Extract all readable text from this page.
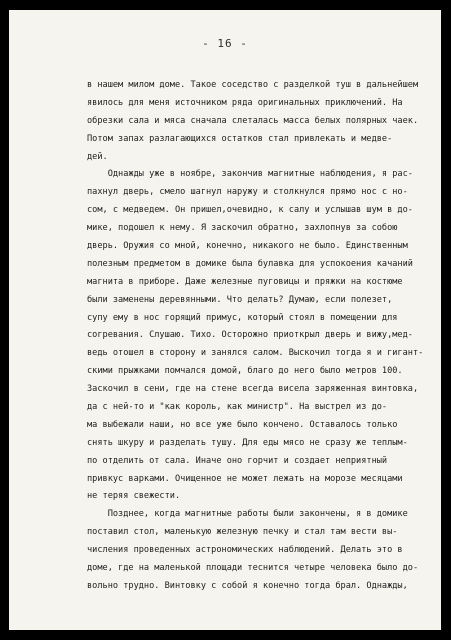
- 16 -
в нашем милом доме. Такое соседство с разделкой туш в дальнейшем
явилось для меня источником ряда оригинальных приключений. На
обрезки сала и мяса сначала слеталась масса белых полярных чаек.
Потом запах разлагающихся остатков стал привлекать и медве-
дей.
Однажды уже в ноябре, закончив магнитные наблюдения, я рас-
пахнул дверь, смело шагнул наружу и столкнулся прямо нос с но-
сом, с медведем. Он пришел,очевидно, к салу и услышав шум в до-
мике, подошел к нему. Я заскочил обратно, захлопнув за собою
дверь. Оружия со мной, конечно, никакого не было. Единственным
полезным предметом в домике была булавка для успокоения качаний
магнита в приборе. Даже железные пуговицы и пряжки на костюме
были заменены деревянными. Что делать? Думаю, если полезет,
супу ему в нос горящий примус, который стоял в помещении для
согревания. Слушаю. Тихо. Осторожно приоткрыл дверь и вижу,мед-
ведь отошел в сторону и занялся салом. Выскочил тогда я и гигант-
скими прыжками помчался домой, благо до него было метров 100.
Заскочил в сени, где на стене всегда висела заряженная винтовка,
да с ней-то и "как король, как министр". На выстрел из до-
ма выбежали наши, но все уже было кончено. Оставалось только
снять шкуру и разделать тушу. Для еды мясо не сразу же теплым-
по отделить от сала. Иначе оно горчит и создает неприятный
привкус варками. Очищенное не может лежать на морозе месяцами
не теряя свежести.
Позднее, когда магнитные работы были закончены, я в домике
поставил стол, маленькую железную печку и стал там вести вы-
числения проведенных астрономических наблюдений. Делать это в
доме, где на маленькой площади теснится четыре человека было до-
вольно трудно. Винтовку с собой я конечно тогда брал. Однажды,
